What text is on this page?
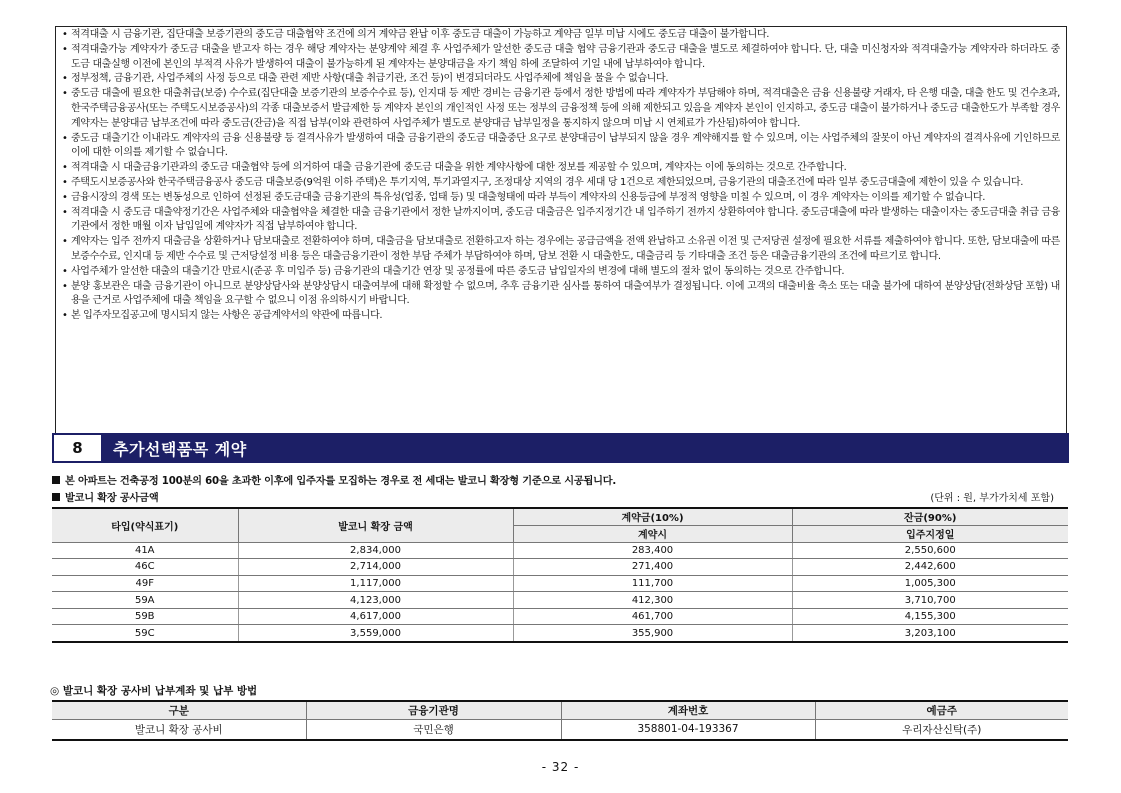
• 적격대출 시 금융기관, 집단대출 보증기관의 중도금 대출협약 조건에 의거 계약금 완납 이후 중도금 대출이 가능하고 계약금 일부 미납 시에도 중도금 대출이 불가합니다.

• 적격대출가능 계약자가 중도금 대출을 받고자 하는 경우 해당 계약자는 분양계약 체결 후 사업주체가 알선한 중도금 대출 협약 금융기관과 중도금 대출을 별도로 체결하여야 합니다. 단, 대출 미신청자와 적격대출가능 계약자라 하더라도 중도금 대출실행 이전에 본인의 부적격 사유가 발생하여 대출이 불가능하게 된 계약자는 분양대금을 자기 책임 하에 조달하여 기일 내에 납부하여야 합니다.

• 정부정책, 금융기관, 사업주체의 사정 등으로 대출 관련 제반 사항(대출 취급기관, 조건 등)이 변경되더라도 사업주체에 책임을 물을 수 없습니다.

• 중도금 대출에 필요한 대출취급(보증) 수수료(집단대출 보증기관의 보증수수료 등), 인지대 등 제반 경비는 금융기관 등에서 정한 방법에 따라 계약자가 부담해야 하며, 적격대출은 금융 신용불량 거래자, 타 은행 대출, 대출 한도 및 건수초과, 한국주택금융공사(또는 주택도시보증공사)의 각종 대출보증서 발급제한 등 계약자 본인의 개인적인 사정 또는 정부의 금융정책 등에 의해 제한되고 있음을 계약자 본인이 인지하고, 중도금 대출이 불가하거나 중도금 대출한도가 부족할 경우 계약자는 분양대금 납부조건에 따라 중도금(잔금)을 직접 납부(이와 관련하여 사업주체가 별도로 분양대금 납부일정을 통지하지 않으며 미납 시 연체료가 가산됨)하여야 합니다.

• 중도금 대출기간 이내라도 계약자의 금융 신용불량 등 결격사유가 발생하여 대출 금융기관의 중도금 대출중단 요구로 분양대금이 납부되지 않을 경우 계약해지를 할 수 있으며, 이는 사업주체의 잘못이 아닌 계약자의 결격사유에 기인하므로 이에 대한 이의를 제기할 수 없습니다.

• 적격대출 시 대출금융기관과의 중도금 대출협약 등에 의거하여 대출 금융기관에 중도금 대출을 위한 계약사항에 대한 정보를 제공할 수 있으며, 계약자는 이에 동의하는 것으로 간주합니다.

• 주택도시보증공사와 한국주택금융공사 중도금 대출보증(9억원 이하 주택)은 투기지역, 투기과열지구, 조정대상 지역의 경우 세대 당 1건으로 제한되었으며, 금융기관의 대출조건에 따라 일부 중도금대출에 제한이 있을 수 있습니다.

• 금융시장의 경색 또는 변동성으로 인하여 선정된 중도금대출 금융기관의 특유성(업종, 업태 등) 및 대출형태에 따라 부득이 계약자의 신용등급에 부정적 영향을 미칠 수 있으며, 이 경우 계약자는 이의를 제기할 수 없습니다.

• 적격대출 시 중도금 대출약정기간은 사업주체와 대출협약을 체결한 대출 금융기관에서 정한 날까지이며, 중도금 대출금은 입주지정기간 내 입주하기 전까지 상환하여야 합니다. 중도금대출에 따라 발생하는 대출이자는 중도금대출 취급 금융기관에서 정한 매월 이자 납입일에 계약자가 직접 납부하여야 합니다.

• 계약자는 입주 전까지 대출금을 상환하거나 담보대출로 전환하여야 하며, 대출금을 담보대출로 전환하고자 하는 경우에는 공급금액을 전액 완납하고 소유권 이전 및 근저당권 설정에 필요한 서류를 제출하여야 합니다. 또한, 담보대출에 따른 보증수수료, 인지대 등 제반 수수료 및 근저당설정 비용 등은 대출금융기관이 정한 부담 주체가 부담하여야 하며, 담보 전환 시 대출한도, 대출금리 등 기타대출 조건 등은 대출금융기관의 조건에 따르기로 합니다.

• 사업주체가 알선한 대출의 대출기간 만료시(준공 후 미입주 등) 금융기관의 대출기간 연장 및 공정률에 따른 중도금 납입일자의 변경에 대해 별도의 절차 없이 동의하는 것으로 간주합니다.

• 분양 홍보관은 대출 금융기관이 아니므로 분양상담사와 분양상담시 대출여부에 대해 확정할 수 없으며, 추후 금융기관 심사를 통하여 대출여부가 결정됩니다. 이에 고객의 대출비율 축소 또는 대출 불가에 대하여 분양상담(전화상담 포함) 내용을 근거로 사업주체에 대출 책임을 요구할 수 없으니 이점 유의하시기 바랍니다.

• 본 입주자모집공고에 명시되지 않는 사항은 공급계약서의 약관에 따릅니다.

8	추가선택품목 계약
본 아파트는 건축공정 100분의 60을 초과한 이후에 입주자를 모집하는 경우로 전 세대는 발코니 확장형 기준으로 시공됩니다.
발코니 확장 공사금액	(단위 : 원, 부가가치세 포함)
타입(약식표기)	발코니 확장 금액	계약금(10%)	잔금(90%)
		계약시	입주지정일
41A	2,834,000	283,400	2,550,600
46C	2,714,000	271,400	2,442,600
49F	1,117,000	111,700	1,005,300
59A	4,123,000	412,300	3,710,700
59B	4,617,000	461,700	4,155,300
59C	3,559,000	355,900	3,203,100
◎ 발코니 확장 공사비 납부계좌 및 납부 방법
구분	금융기관명	계좌번호	예금주
발코니 확장 공사비	국민은행	358801-04-193367	우리자산신탁(주)
- 32 -
